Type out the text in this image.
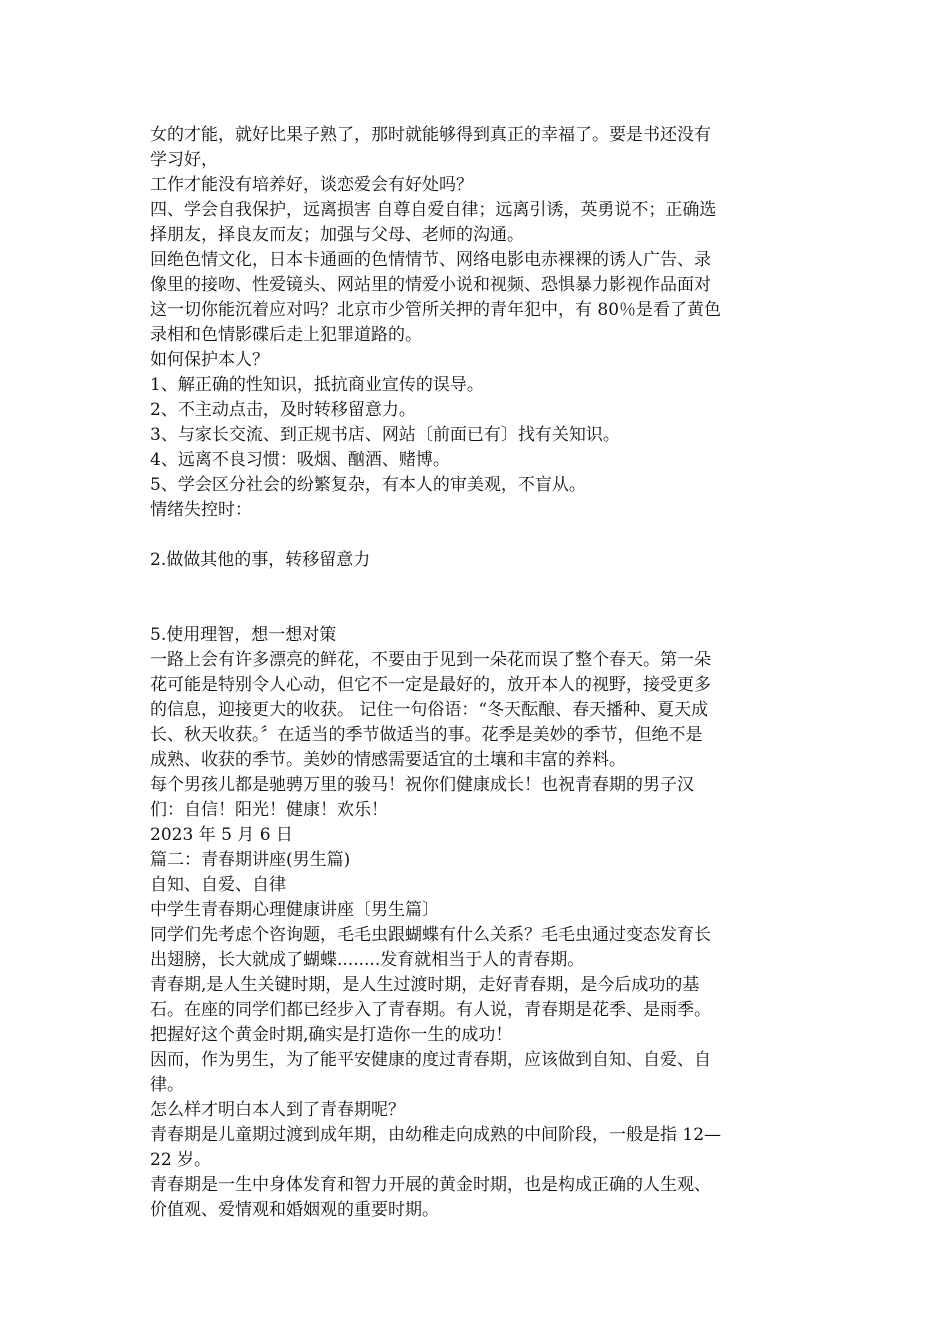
女的才能，就好比果子熟了，那时就能够得到真正的幸福了。要是书还没有

学习好，

工作才能没有培养好，谈恋爱会有好处吗？

四、学会自我保护，远离损害 自尊自爱自律；远离引诱，英勇说不；正确选

择朋友，择良友而友；加强与父母、老师的沟通。

回绝色情文化，日本卡通画的色情情节、网络电影电赤裸裸的诱人广告、录

像里的接吻、性爱镜头、网站里的情爱小说和视频、恐惧暴力影视作品面对

这一切你能沉着应对吗？北京市少管所关押的青年犯中，有 80％是看了黄色

录相和色情影碟后走上犯罪道路的。

如何保护本人？

1、解正确的性知识，抵抗商业宣传的误导。

2、不主动点击，及时转移留意力。

3、与家长交流、到正规书店、网站〔前面已有〕找有关知识。

4、远离不良习惯：吸烟、酗酒、赌博。

5、学会区分社会的纷繁复杂，有本人的审美观，不盲从。

情绪失控时：

2.做做其他的事，转移留意力

5.使用理智，想一想对策

一路上会有许多漂亮的鲜花，不要由于见到一朵花而误了整个春天。第一朵

花可能是特别令人心动，但它不一定是最好的，放开本人的视野，接受更多

的信息，迎接更大的收获。 记住一句俗语：“冬天酝酿、春天播种、夏天成

长、秋天收获。〞在适当的季节做适当的事。花季是美妙的季节，但绝不是

成熟、收获的季节。美妙的情感需要适宜的土壤和丰富的养料。

每个男孩儿都是驰骋万里的骏马！祝你们健康成长！也祝青春期的男子汉

们：自信！阳光！健康！欢乐！

2023 年 5 月 6 日

篇二：青春期讲座(男生篇)

自知、自爱、自律

中学生青春期心理健康讲座〔男生篇〕

同学们先考虑个咨询题，毛毛虫跟蝴蝶有什么关系？毛毛虫通过变态发育长

出翅膀，长大就成了蝴蝶........发育就相当于人的青春期。

青春期,是人生关键时期，是人生过渡时期，走好青春期，是今后成功的基

石。在座的同学们都已经步入了青春期。有人说，青春期是花季、是雨季。

把握好这个黄金时期,确实是打造你一生的成功！

因而，作为男生，为了能平安健康的度过青春期，应该做到自知、自爱、自

律。

怎么样才明白本人到了青春期呢？

青春期是儿童期过渡到成年期，由幼稚走向成熟的中间阶段，一般是指 12—

22 岁。

青春期是一生中身体发育和智力开展的黄金时期，也是构成正确的人生观、

价值观、爱情观和婚姻观的重要时期。
